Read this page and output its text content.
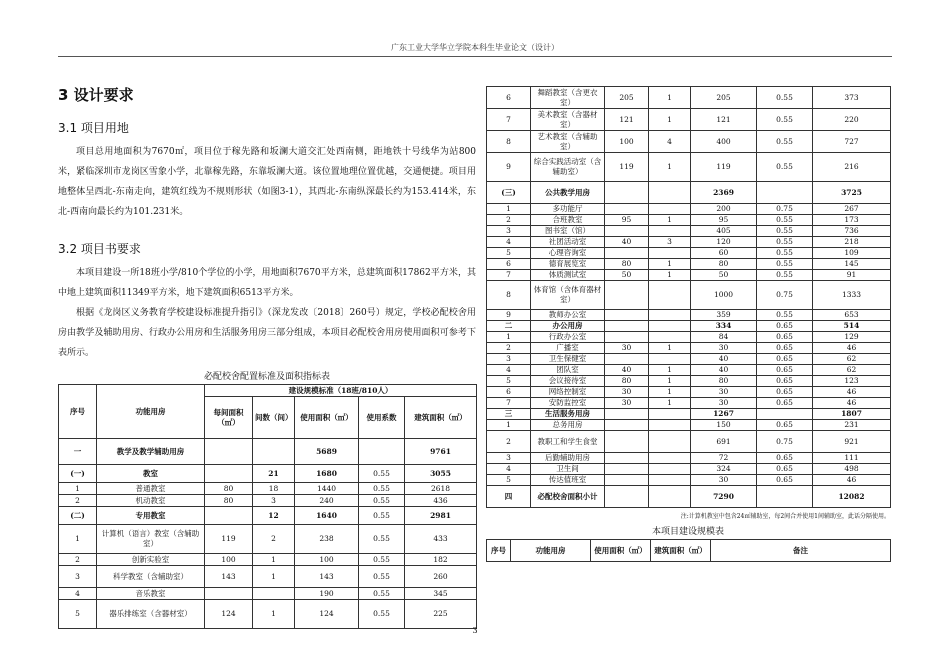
广东工业大学华立学院本科生毕业论文（设计）
3 设计要求
3.1 项目用地

项目总用地面积为7670㎡，项目位于稼先路和坂澜大道交汇处西南侧，距地铁十号线华为站800米，紧临深圳市龙岗区雪象小学，北靠稼先路，东靠坂澜大道。该位置地理位置优越，交通便捷。项目用地整体呈西北-东南走向，建筑红线为不规则形状（如图3-1），其西北-东南纵深最长约为153.414米，东北-西南向最长约为101.231米。

3.2 项目书要求

本项目建设一所18班小学/810个学位的小学，用地面积7670平方米，总建筑面积17862平方米，其中地上建筑面积11349平方米，地下建筑面积6513平方米。

根据《龙岗区义务教育学校建设标准提升指引》（深龙发改〔2018〕260号）规定，学校必配校舍用房由教学及辅助用房、行政办公用房和生活服务用房三部分组成，本项目必配校舍用房使用面积可参考下表所示。

必配校舍配置标准及面积指标表
序号	功能用房	建设规模标准（18班/810人）				
		每间面积（㎡）	间数（间）	使用面积（㎡）	使用系数	建筑面积（㎡）
一	教学及教学辅助用房			5689		9761
(一)	教室		21	1680	0.55	3055
1	普通教室	80	18	1440	0.55	2618
2	机动教室	80	3	240	0.55	436
(二)	专用教室		12	1640	0.55	2981
1	计算机（语言）教室（含辅助室）	119	2	238	0.55	433
2	创新实验室	100	1	100	0.55	182
3	科学教室（含辅助室）	143	1	143	0.55	260
4	音乐教室			190	0.55	345
5	器乐排练室（含器材室）	124	1	124	0.55	225
6	舞蹈教室（含更衣室）	205	1	205	0.55	373
7	美术教室（含器材室）	121	1	121	0.55	220
8	艺术教室（含辅助室）	100	4	400	0.55	727
9	综合实践活动室（含辅助室）	119	1	119	0.55	216
(三)	公共教学用房			2369		3725
1	多功能厅			200	0.75	267
2	合班教室	95	1	95	0.55	173
3	图书室（馆）			405	0.55	736
4	社团活动室	40	3	120	0.55	218
5	心理咨询室			60	0.55	109
6	德育展览室	80	1	80	0.55	145
7	体质测试室	50	1	50	0.55	91
8	体育馆（含体育器材室）			1000	0.75	1333
9	教师办公室			359	0.55	653
二	办公用房			334	0.65	514
1	行政办公室			84	0.65	129
2	广播室	30	1	30	0.65	46
3	卫生保健室			40	0.65	62
4	团队室	40	1	40	0.65	62
5	会议接待室	80	1	80	0.65	123
6	网络控制室	30	1	30	0.65	46
7	安防监控室	30	1	30	0.65	46
三	生活服务用房			1267		1807
1	总务用房			150	0.65	231
2	教职工和学生食堂			691	0.75	921
3	后勤辅助用房			72	0.65	111
4	卫生间			324	0.65	498
5	传达值班室			30	0.65	46
四	必配校舍面积小计			7290		12082
注:计算机教室中包含24㎡辅助室，每2间合并使用1间辅助室，此话分隔使用。
本项目建设规模表
序号	功能用房	使用面积（㎡）	建筑面积（㎡）	备注
3
